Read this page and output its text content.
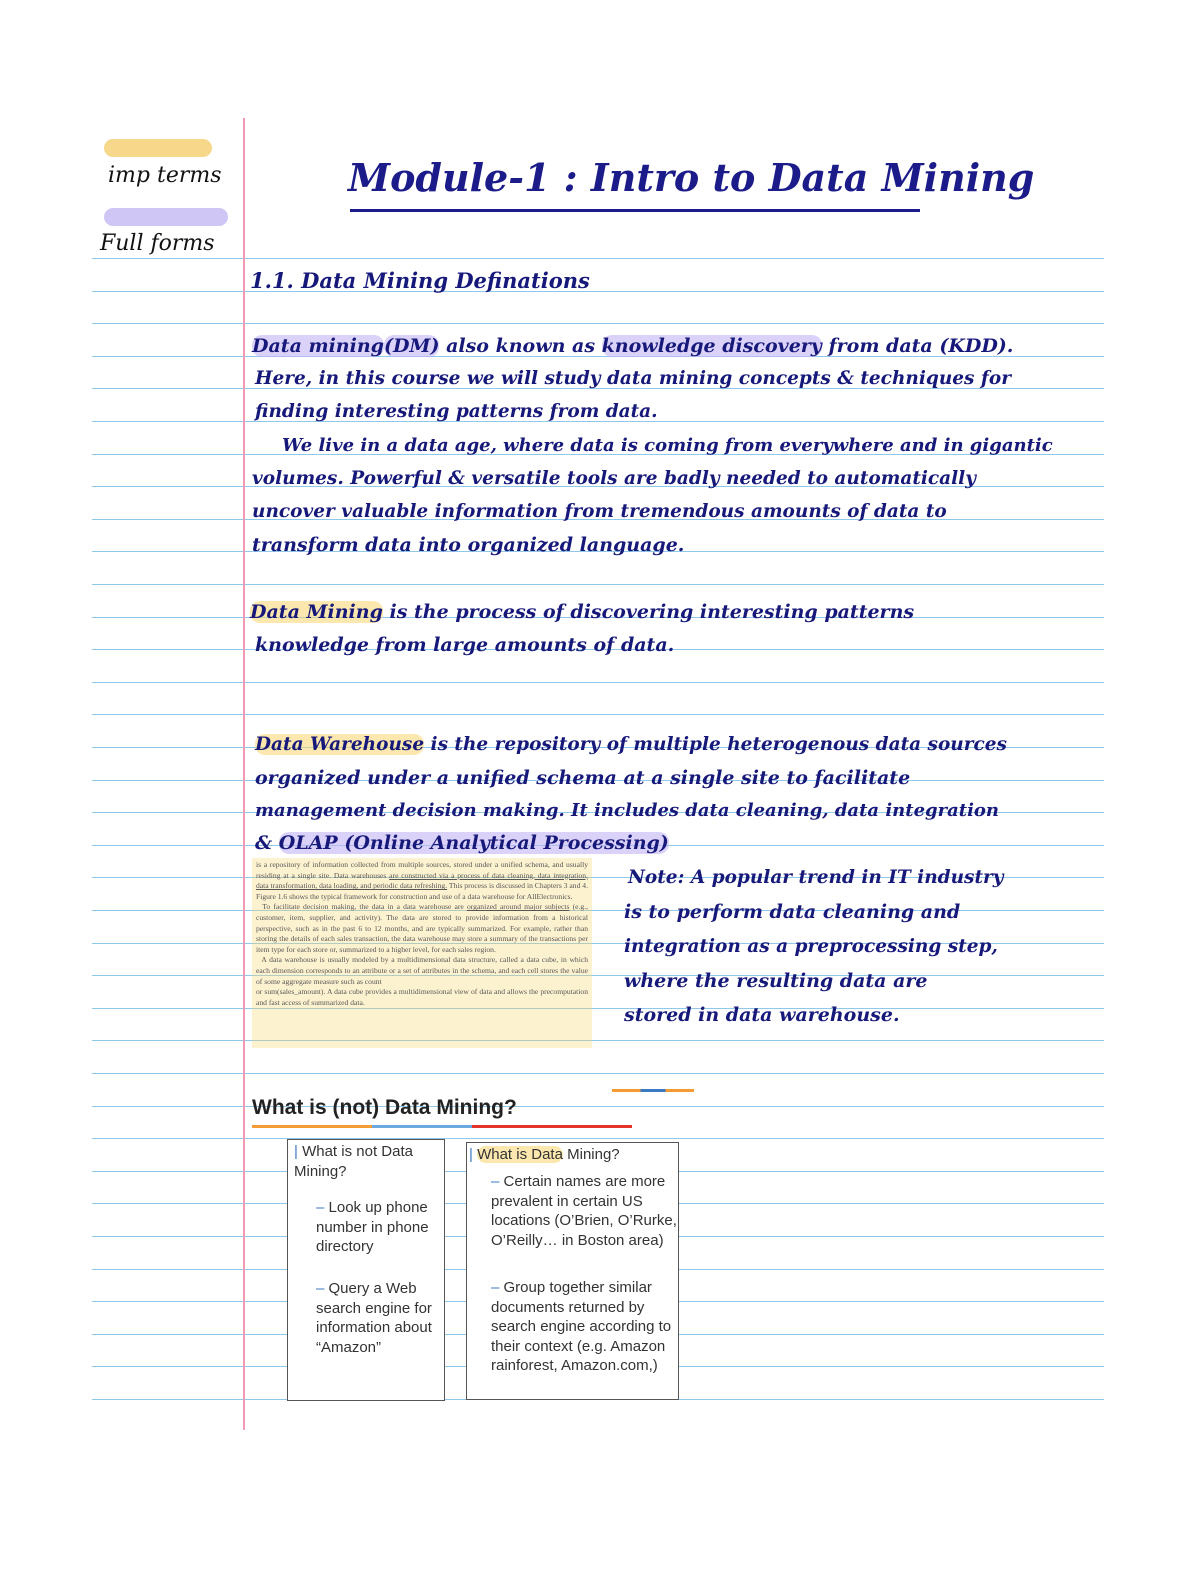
imp terms
Full forms
Module-1 : Intro to Data Mining
1.1. Data Mining Definations
Data mining(DM) also known as knowledge discovery from data (KDD).
Here, in this course we will study data mining concepts & techniques for
finding interesting patterns from data.
We live in a data age, where data is coming from everywhere and in gigantic
volumes. Powerful & versatile tools are badly needed to automatically
uncover valuable information from tremendous amounts of data to
transform data into organized language.
Data Mining is the process of discovering interesting patterns
knowledge from large amounts of data.
Data Warehouse is the repository of multiple heterogenous data sources
organized under a unified schema at a single site to facilitate
management decision making. It includes data cleaning, data integration
& OLAP (Online Analytical Processing)
is a repository of information collected from multiple sources, stored under a unified schema, and usually residing at a single site. Data warehouses are constructed via a process of data cleaning, data integration, data transformation, data loading, and periodic data refreshing. This process is discussed in Chapters 3 and 4. Figure 1.6 shows the typical framework for construction and use of a data warehouse for AllElectronics.
To facilitate decision making, the data in a data warehouse are organized around major subjects (e.g., customer, item, supplier, and activity). The data are stored to provide information from a historical perspective, such as in the past 6 to 12 months, and are typically summarized. For example, rather than storing the details of each sales transaction, the data warehouse may store a summary of the transactions per item type for each store or, summarized to a higher level, for each sales region.
A data warehouse is usually modeled by a multidimensional data structure, called a data cube, in which each dimension corresponds to an attribute or a set of attributes in the schema, and each cell stores the value of some aggregate measure such as count
or sum(sales_amount). A data cube provides a multidimensional view of data and allows the precomputation and fast access of summarized data.
Note: A popular trend in IT industry
is to perform data cleaning and
integration as a preprocessing step,
where the resulting data are
stored in data warehouse.
What is (not) Data Mining?
| What is not Data Mining?
– Look up phone number in phone directory
– Query a Web search engine for information about “Amazon”
| What is Data Mining?
– Certain names are more prevalent in certain US locations (O’Brien, O’Rurke, O’Reilly… in Boston area)
– Group together similar documents returned by search engine according to their context (e.g. Amazon rainforest, Amazon.com,)
